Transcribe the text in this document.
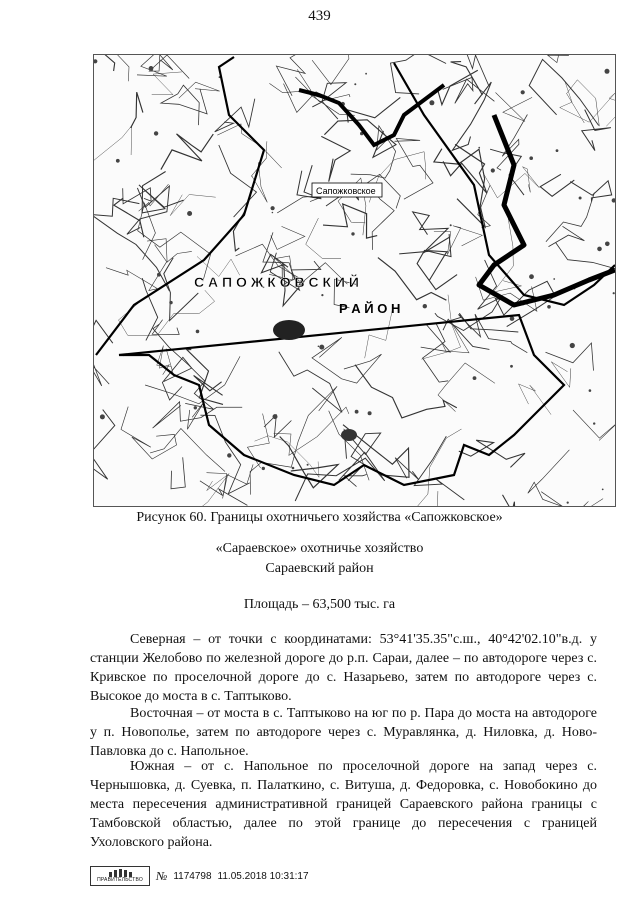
439
Сапожковское
С А П О Ж К О В С К И Й
Р А Й О Н
Рисунок 60. Границы охотничьего хозяйства «Сапожковское»
«Сараевское» охотничье хозяйство
Сараевский район
Площадь – 63,500 тыс. га

Северная – от точки с координатами: 53°41'35.35"с.ш., 40°42'02.10"в.д. у станции Желобово по железной дороге до р.п. Сараи, далее – по автодороге через с. Кривское по проселочной дороге до с. Назарьево, затем по автодороге через с. Высокое до моста в с. Таптыково.

Восточная – от моста в с. Таптыково на юг по р. Пара до моста на автодороге у п. Новополье, затем по автодороге через с. Муравлянка, д. Ниловка, д. Ново-Павловка до с. Напольное.

Южная – от с. Напольное по проселочной дороге на запад через с. Чернышовка, д. Суевка, п. Палаткино, с. Витуша, д. Федоровка, с. Новобокино до места пересечения административной границей Сараевского района границы с Тамбовской областью, далее по этой границе до пересечения с границей Ухоловского района.

ПРАВИТЕЛЬСТВО № 1174798 11.05.2018 10:31:17
